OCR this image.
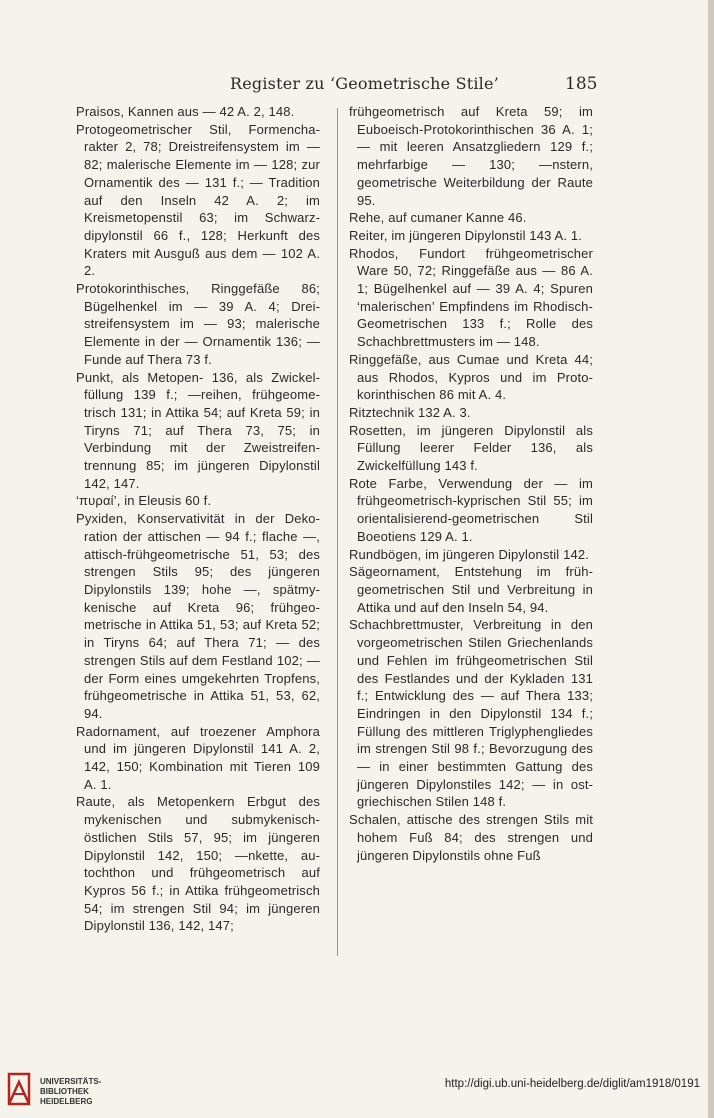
Register zu ‘Geometrische Stile’	185

Praisos, Kannen aus — 42 A. 2, 148.

Protogeometrischer Stil, Formencharakter 2, 78; Dreistreifensystem im — 82; malerische Elemente im — 128; zur Ornamentik des — 131 f.; — Tradition auf den Inseln 42 A. 2; im Kreismetopenstil 63; im Schwarzdipylonstil 66 f., 128; Herkunft des Kraters mit Ausguß aus dem — 102 A. 2.

Protokorinthisches, Ringgefäße 86; Bügelhenkel im — 39 A. 4; Dreistreifensystem im — 93; malerische Elemente in der — Ornamentik 136; — Funde auf Thera 73 f.

Punkt, als Metopen- 136, als Zwickelfüllung 139 f.; —reihen, frühgeometrisch 131; in Attika 54; auf Kreta 59; in Tiryns 71; auf Thera 73, 75; in Verbindung mit der Zweistreifentrennung 85; im jüngeren Dipylonstil 142, 147.

‘πυραί’, in Eleusis 60 f.

Pyxiden, Konservativität in der Dekoration der attischen — 94 f.; flache —, attisch-frühgeometrische 51, 53; des strengen Stils 95; des jüngeren Dipylonstils 139; hohe —, spätmykenische auf Kreta 96; frühgeometrische in Attika 51, 53; auf Kreta 52; in Tiryns 64; auf Thera 71; — des strengen Stils auf dem Festland 102; — der Form eines umgekehrten Tropfens, frühgeometrische in Attika 51, 53, 62, 94.

Radornament, auf troezener Amphora und im jüngeren Dipylonstil 141 A. 2, 142, 150; Kombination mit Tieren 109 A. 1.

Raute, als Metopenkern Erbgut des mykenischen und submykenisch-östlichen Stils 57, 95; im jüngeren Dipylonstil 142, 150; —nkette, autochthon und frühgeometrisch auf Kypros 56 f.; in Attika frühgeometrisch 54; im strengen Stil 94; im jüngeren Dipylonstil 136, 142, 147;

frühgeometrisch auf Kreta 59; im Euboeisch-Protokorinthischen 36 A. 1; — mit leeren Ansatzgliedern 129 f.; mehrfarbige — 130; —nstern, geometrische Weiterbildung der Raute 95.

Rehe, auf cumaner Kanne 46.

Reiter, im jüngeren Dipylonstil 143 A. 1.

Rhodos, Fundort frühgeometrischer Ware 50, 72; Ringgefäße aus — 86 A. 1; Bügelhenkel auf — 39 A. 4; Spuren ‘malerischen’ Empfindens im Rhodisch-Geometrischen 133 f.; Rolle des Schachbrettmusters im — 148.

Ringgefäße, aus Cumae und Kreta 44; aus Rhodos, Kypros und im Protokorinthischen 86 mit A. 4.

Ritztechnik 132 A. 3.

Rosetten, im jüngeren Dipylonstil als Füllung leerer Felder 136, als Zwickelfüllung 143 f.

Rote Farbe, Verwendung der — im frühgeometrisch-kyprischen Stil 55; im orientalisierend-geometrischen Stil Boeotiens 129 A. 1.

Rundbögen, im jüngeren Dipylonstil 142.

Sägeornament, Entstehung im frühgeometrischen Stil und Verbreitung in Attika und auf den Inseln 54, 94.

Schachbrettmuster, Verbreitung in den vorgeometrischen Stilen Griechenlands und Fehlen im frühgeometrischen Stil des Festlandes und der Kykladen 131 f.; Entwicklung des — auf Thera 133; Eindringen in den Dipylonstil 134 f.; Füllung des mittleren Triglyphengliedes im strengen Stil 98 f.; Bevorzugung des — in einer bestimmten Gattung des jüngeren Dipylonstiles 142; — in ostgriechischen Stilen 148 f.

Schalen, attische des strengen Stils mit hohem Fuß 84; des strengen und jüngeren Dipylonstils ohne Fuß

UNIVERSITÄTS-
BIBLIOTHEK
HEIDELBERG
http://digi.ub.uni-heidelberg.de/diglit/am1918/0191
